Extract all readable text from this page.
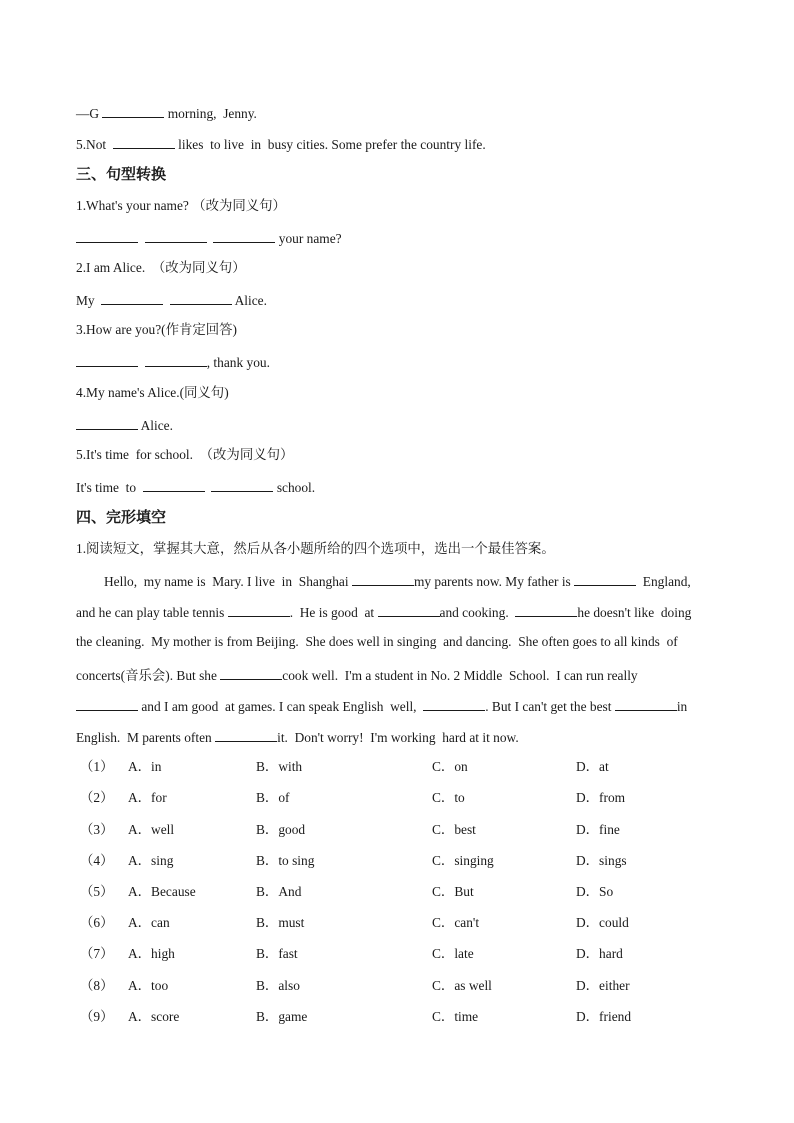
—G	morning,  Jenny.
5.Not	likes  to live  in  busy cities. Some prefer the country life.
三、句型转换
1.What's your name? （改为同义句）
your name?
2.I am Alice.  （改为同义句）
My	Alice.
3.How are you?(作肯定回答)
, thank you.
4.My name's Alice.(同义句)
Alice.
5.It's time  for school.  （改为同义句）
It's time  to	school.
四、完形填空
1.阅读短文，掌握其大意，然后从各小题所给的四个选项中，选出一个最佳答案。
Hello,  my name is  Mary. I live  in  Shanghai	my parents now. My father is	England,
and he can play table tennis	.  He is good  at	and cooking.	he doesn't like  doing
the cleaning.  My mother is from Beijing.  She does well in singing  and dancing.  She often goes to all kinds  of
concerts(音乐会). But she	cook well.  I'm a student in No. 2 Middle  School.  I can run really
and I am good  at games. I can speak English  well,	. But I can't get the best	in
English.  M parents often	it.  Don't worry!  I'm working  hard at it now.
（1） A．in	B．with	C．on	D．at
（2） A．for	B．of	C．to	D．from
（3） A．well	B．good	C．best	D．fine
（4） A．sing	B．to sing	C．singing	D．sings
（5） A．Because	B．And	C．But	D．So
（6） A．can	B．must	C．can't	D．could
（7） A．high	B．fast	C．late	D．hard
（8） A．too	B．also	C．as well	D．either
（9） A．score	B．game	C．time	D．friend
